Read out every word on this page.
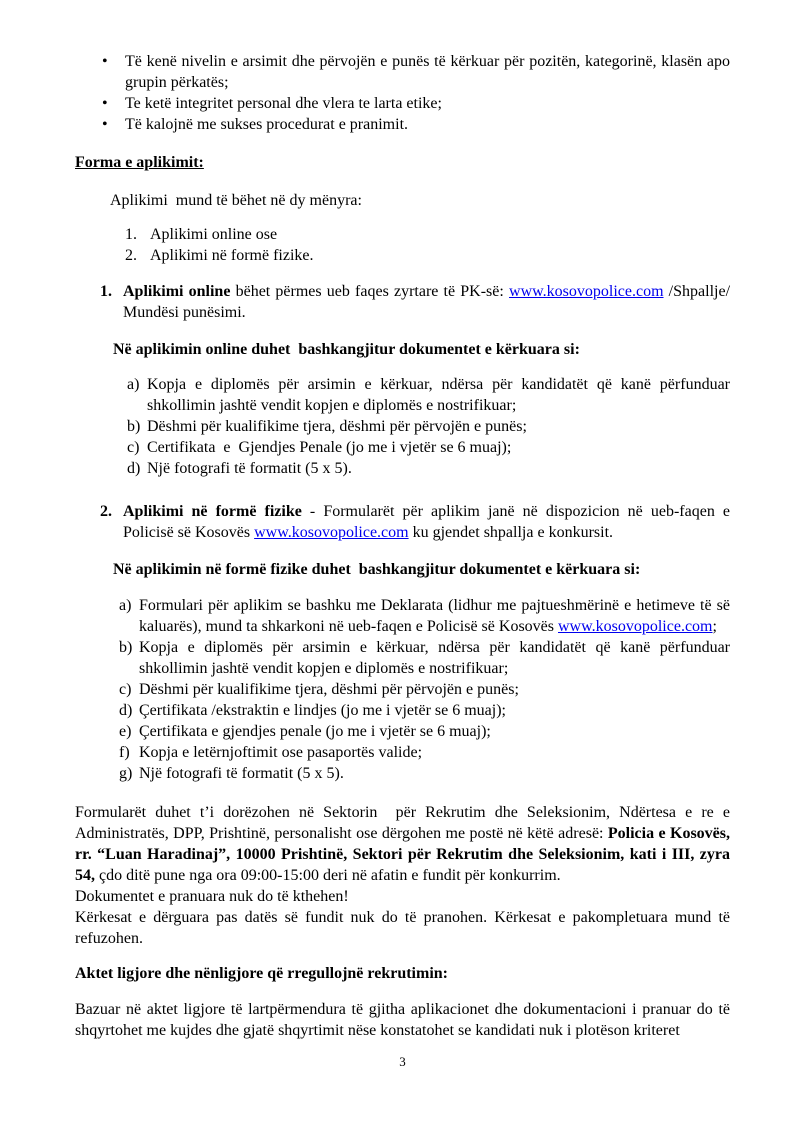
• Të kenë nivelin e arsimit dhe përvojën e punës të kërkuar për pozitën, kategorinë, klasën apo grupin përkatës;
• Te ketë integritet personal dhe vlera te larta etike;
• Të kalojnë me sukses procedurat e pranimit.
Forma e aplikimit:
Aplikimi  mund të bëhet në dy mënyra:
1. Aplikimi online ose
2. Aplikimi në formë fizike.
1. Aplikimi online bëhet përmes ueb faqes zyrtare të PK-së: www.kosovopolice.com /Shpallje/ Mundësi punësimi.
Në aplikimin online duhet  bashkangjitur dokumentet e kërkuara si:
a) Kopja e diplomës për arsimin e kërkuar, ndërsa për kandidatët që kanë përfunduar shkollimin jashtë vendit kopjen e diplomës e nostrifikuar;
b) Dëshmi për kualifikime tjera, dëshmi për përvojën e punës;
c) Certifikata  e  Gjendjes Penale (jo me i vjetër se 6 muaj);
d) Një fotografi të formatit (5 x 5).
2. Aplikimi në formë fizike - Formularët për aplikim janë në dispozicion në ueb-faqen e Policisë së Kosovës www.kosovopolice.com ku gjendet shpallja e konkursit.
Në aplikimin në formë fizike duhet  bashkangjitur dokumentet e kërkuara si:
a) Formulari për aplikim se bashku me Deklarata (lidhur me pajtueshmërinë e hetimeve të së kaluarës), mund ta shkarkoni në ueb-faqen e Policisë së Kosovës www.kosovopolice.com;
b) Kopja e diplomës për arsimin e kërkuar, ndërsa për kandidatët që kanë përfunduar shkollimin jashtë vendit kopjen e diplomës e nostrifikuar;
c) Dëshmi për kualifikime tjera, dëshmi për përvojën e punës;
d) Çertifikata /ekstraktin e lindjes (jo me i vjetër se 6 muaj);
e) Çertifikata e gjendjes penale (jo me i vjetër se 6 muaj);
f) Kopja e letërnjoftimit ose pasaportës valide;
g) Një fotografi të formatit (5 x 5).
Formularët duhet t’i dorëzohen në Sektorin  për Rekrutim dhe Seleksionim, Ndërtesa e re e Administratës, DPP, Prishtinë, personalisht ose dërgohen me postë në këtë adresë: Policia e Kosovës, rr. “Luan Haradinaj”, 10000 Prishtinë, Sektori për Rekrutim dhe Seleksionim, kati i III, zyra 54, çdo ditë pune nga ora 09:00-15:00 deri në afatin e fundit për konkurrim.
Dokumentet e pranuara nuk do të kthehen!
Kërkesat e dërguara pas datës së fundit nuk do të pranohen. Kërkesat e pakompletuara mund të refuzohen.
Aktet ligjore dhe nënligjore që rregullojnë rekrutimin:
Bazuar në aktet ligjore të lartpërmendura të gjitha aplikacionet dhe dokumentacioni i pranuar do të shqyrtohet me kujdes dhe gjatë shqyrtimit nëse konstatohet se kandidati nuk i plotëson kriteret
3
